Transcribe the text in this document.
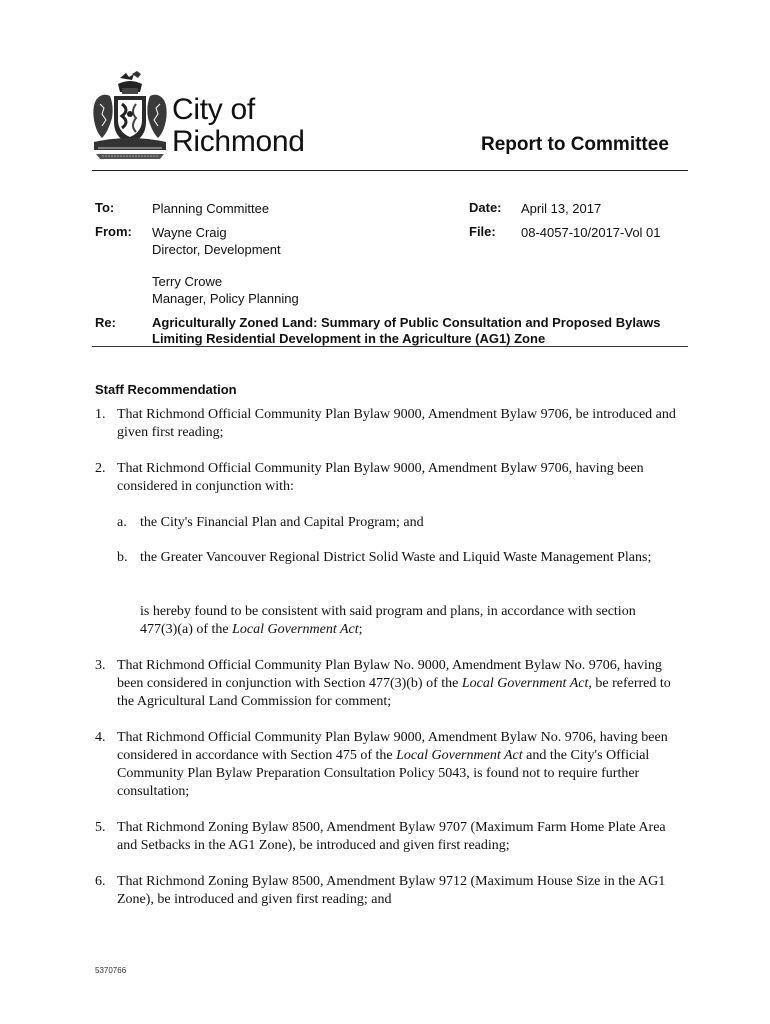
City of
Richmond	Report to Committee
To:	Planning Committee	Date: April 13, 2017
From: Wayne Craig
Director, Development
File: 08-4057-10/2017-Vol 01
Terry Crowe
Manager, Policy Planning
Re:	Agriculturally Zoned Land: Summary of Public Consultation and Proposed Bylaws Limiting Residential Development in the Agriculture (AG1) Zone
Staff Recommendation
1. That Richmond Official Community Plan Bylaw 9000, Amendment Bylaw 9706, be introduced and given first reading;
2. That Richmond Official Community Plan Bylaw 9000, Amendment Bylaw 9706, having been considered in conjunction with:
a. the City's Financial Plan and Capital Program; and
b. the Greater Vancouver Regional District Solid Waste and Liquid Waste Management Plans;
is hereby found to be consistent with said program and plans, in accordance with section 477(3)(a) of the Local Government Act;
3. That Richmond Official Community Plan Bylaw No. 9000, Amendment Bylaw No. 9706, having been considered in conjunction with Section 477(3)(b) of the Local Government Act, be referred to the Agricultural Land Commission for comment;
4. That Richmond Official Community Plan Bylaw 9000, Amendment Bylaw No. 9706, having been considered in accordance with Section 475 of the Local Government Act and the City's Official Community Plan Bylaw Preparation Consultation Policy 5043, is found not to require further consultation;
5. That Richmond Zoning Bylaw 8500, Amendment Bylaw 9707 (Maximum Farm Home Plate Area and Setbacks in the AG1 Zone), be introduced and given first reading;
6. That Richmond Zoning Bylaw 8500, Amendment Bylaw 9712 (Maximum House Size in the AG1 Zone), be introduced and given first reading; and
5370766
